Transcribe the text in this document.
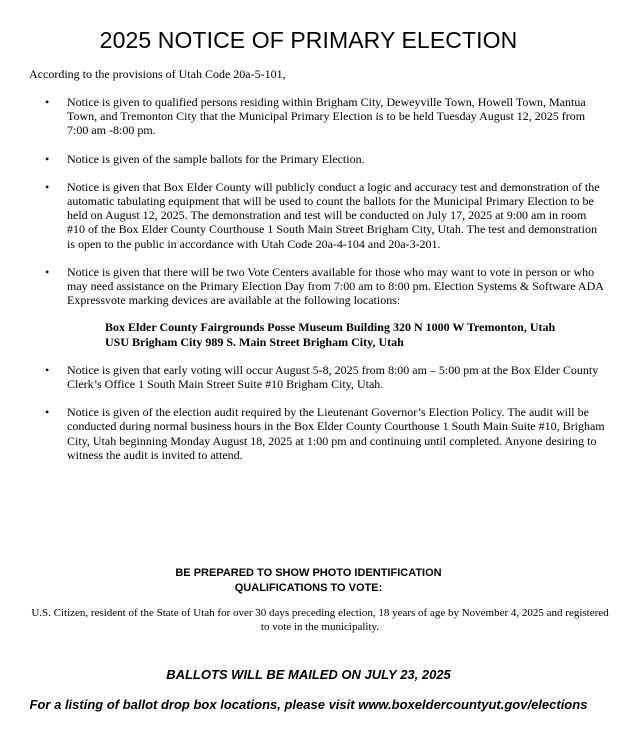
2025 NOTICE OF PRIMARY ELECTION
According to the provisions of Utah Code 20a-5-101,
• Notice is given to qualified persons residing within Brigham City, Deweyville Town, Howell Town, Mantua Town, and Tremonton City that the Municipal Primary Election is to be held Tuesday August 12, 2025 from 7:00 am -8:00 pm.
• Notice is given of the sample ballots for the Primary Election.
• Notice is given that Box Elder County will publicly conduct a logic and accuracy test and demonstration of the automatic tabulating equipment that will be used to count the ballots for the Municipal Primary Election to be held on August 12, 2025. The demonstration and test will be conducted on July 17, 2025 at 9:00 am in room #10 of the Box Elder County Courthouse 1 South Main Street Brigham City, Utah. The test and demonstration is open to the public in accordance with Utah Code 20a-4-104 and 20a-3-201.
• Notice is given that there will be two Vote Centers available for those who may want to vote in person or who may need assistance on the Primary Election Day from 7:00 am to 8:00 pm. Election Systems & Software ADA Expressvote marking devices are available at the following locations:
Box Elder County Fairgrounds Posse Museum Building 320 N 1000 W Tremonton, Utah
USU Brigham City 989 S. Main Street Brigham City, Utah
• Notice is given that early voting will occur August 5-8, 2025 from 8:00 am – 5:00 pm at the Box Elder County Clerk’s Office 1 South Main Street Suite #10 Brigham City, Utah.
• Notice is given of the election audit required by the Lieutenant Governor’s Election Policy. The audit will be conducted during normal business hours in the Box Elder County Courthouse 1 South Main Suite #10, Brigham City, Utah beginning Monday August 18, 2025 at 1:00 pm and continuing until completed. Anyone desiring to witness the audit is invited to attend.
BE PREPARED TO SHOW PHOTO IDENTIFICATION
QUALIFICATIONS TO VOTE:
U.S. Citizen, resident of the State of Utah for over 30 days preceding election, 18 years of age by November 4, 2025 and registered to vote in the municipality.
BALLOTS WILL BE MAILED ON JULY 23, 2025
For a listing of ballot drop box locations, please visit www.boxeldercountyut.gov/elections
